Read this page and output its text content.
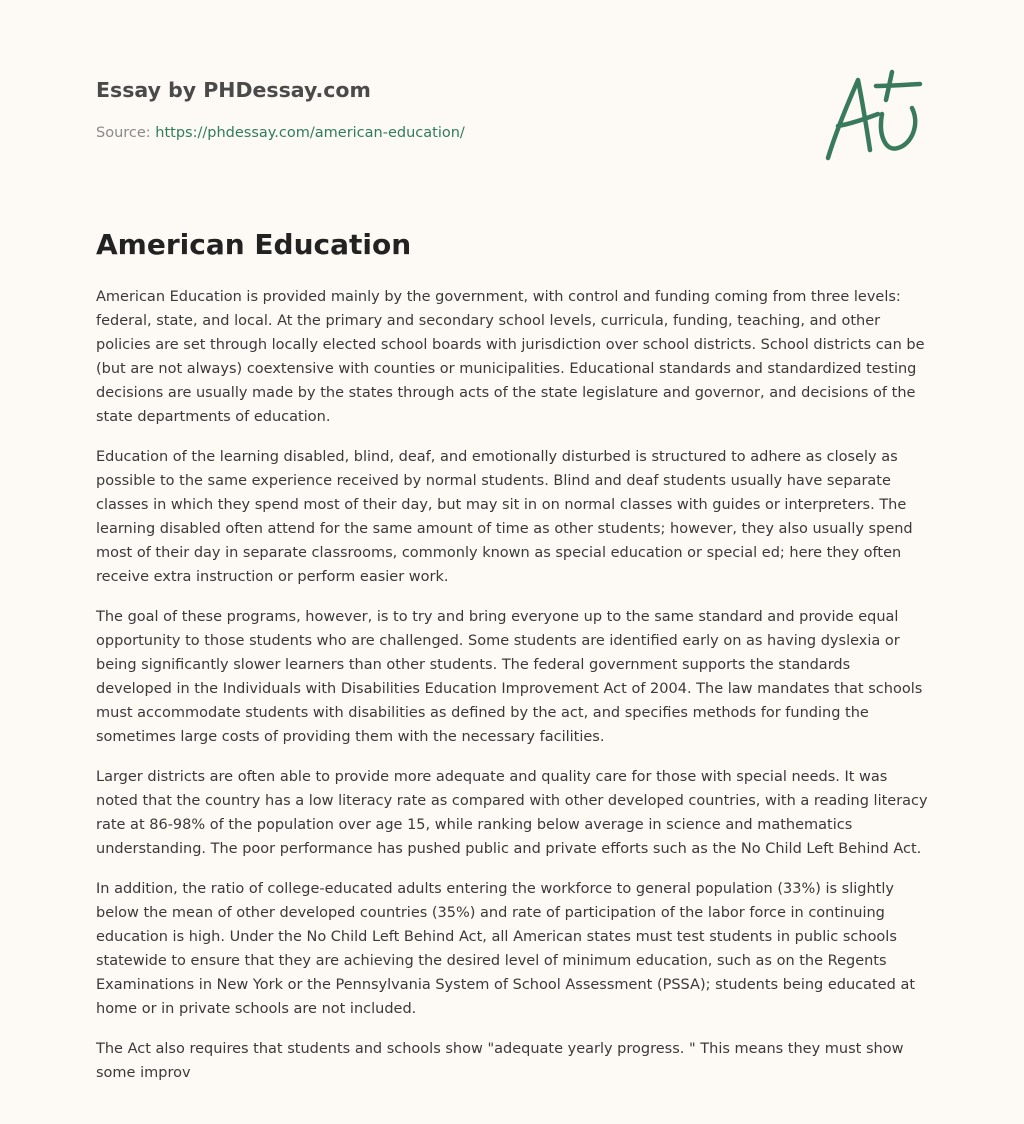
Essay by PHDessay.com
Source: https://phdessay.com/american-education/
American Education

American Education is provided mainly by the government, with control and funding coming from three levels: federal, state, and local. At the primary and secondary school levels, curricula, funding, teaching, and other policies are set through locally elected school boards with jurisdiction over school districts. School districts can be (but are not always) coextensive with counties or municipalities. Educational standards and standardized testing decisions are usually made by the states through acts of the state legislature and governor, and decisions of the state departments of education.

Education of the learning disabled, blind, deaf, and emotionally disturbed is structured to adhere as closely as possible to the same experience received by normal students. Blind and deaf students usually have separate classes in which they spend most of their day, but may sit in on normal classes with guides or interpreters. The learning disabled often attend for the same amount of time as other students; however, they also usually spend most of their day in separate classrooms, commonly known as special education or special ed; here they often receive extra instruction or perform easier work.

The goal of these programs, however, is to try and bring everyone up to the same standard and provide equal opportunity to those students who are challenged. Some students are identified early on as having dyslexia or being significantly slower learners than other students. The federal government supports the standards developed in the Individuals with Disabilities Education Improvement Act of 2004. The law mandates that schools must accommodate students with disabilities as defined by the act, and specifies methods for funding the sometimes large costs of providing them with the necessary facilities.

Larger districts are often able to provide more adequate and quality care for those with special needs. It was noted that the country has a low literacy rate as compared with other developed countries, with a reading literacy rate at 86-98% of the population over age 15, while ranking below average in science and mathematics understanding. The poor performance has pushed public and private efforts such as the No Child Left Behind Act.

In addition, the ratio of college-educated adults entering the workforce to general population (33%) is slightly below the mean of other developed countries (35%) and rate of participation of the labor force in continuing education is high. Under the No Child Left Behind Act, all American states must test students in public schools statewide to ensure that they are achieving the desired level of minimum education, such as on the Regents Examinations in New York or the Pennsylvania System of School Assessment (PSSA); students being educated at home or in private schools are not included.

The Act also requires that students and schools show "adequate yearly progress. " This means they must show some improv
